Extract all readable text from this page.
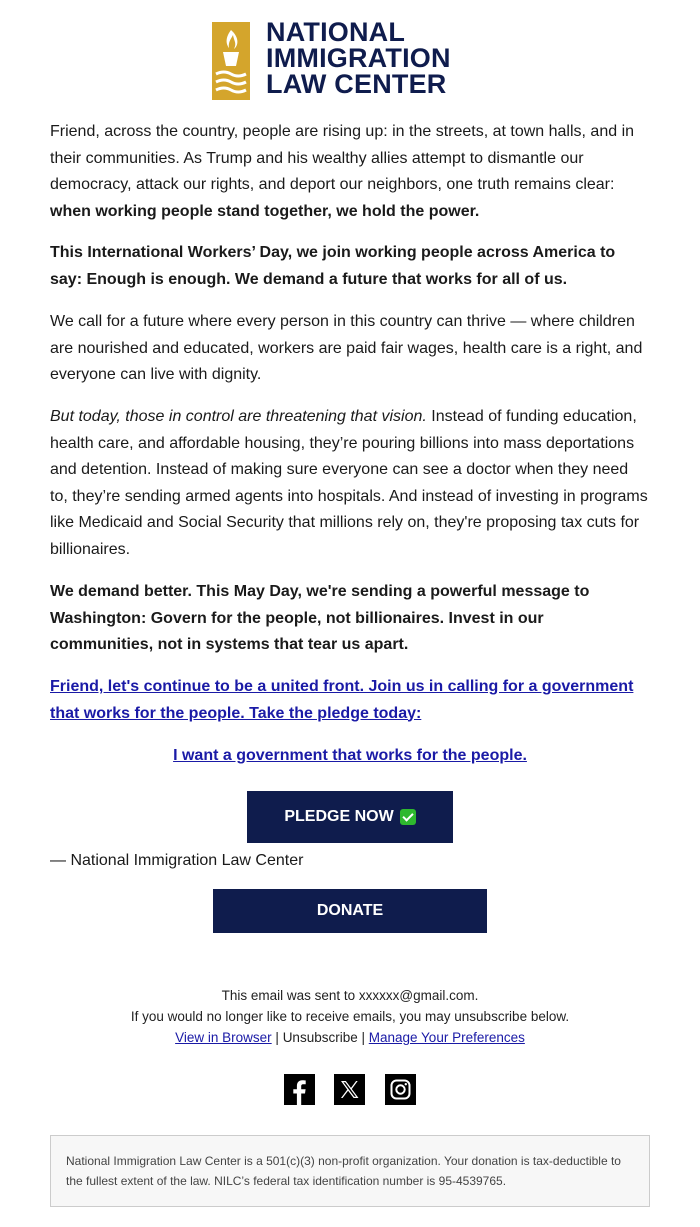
NATIONAL
IMMIGRATION
LAW CENTER

Friend, across the country, people are rising up: in the streets, at town halls, and in their communities. As Trump and his wealthy allies attempt to dismantle our democracy, attack our rights, and deport our neighbors, one truth remains clear: when working people stand together, we hold the power.

This International Workers’ Day, we join working people across America to say: Enough is enough. We demand a future that works for all of us.

We call for a future where every person in this country can thrive — where children are nourished and educated, workers are paid fair wages, health care is a right, and everyone can live with dignity.

But today, those in control are threatening that vision. Instead of funding education, health care, and affordable housing, they’re pouring billions into mass deportations and detention. Instead of making sure everyone can see a doctor when they need to, they’re sending armed agents into hospitals. And instead of investing in programs like Medicaid and Social Security that millions rely on, they're proposing tax cuts for billionaires.

We demand better. This May Day, we're sending a powerful message to Washington: Govern for the people, not billionaires. Invest in our communities, not in systems that tear us apart.

Friend, let's continue to be a united front. Join us in calling for a government that works for the people. Take the pledge today:

I want a government that works for the people.
PLEDGE NOW
— National Immigration Law Center
DONATE
This email was sent to xxxxxx@gmail.com.
If you would no longer like to receive emails, you may unsubscribe below.
View in Browser | Unsubscribe | Manage Your Preferences
National Immigration Law Center is a 501(c)(3) non-profit organization. Your donation is tax-deductible to the fullest extent of the law. NILC’s federal tax identification number is 95-4539765.
